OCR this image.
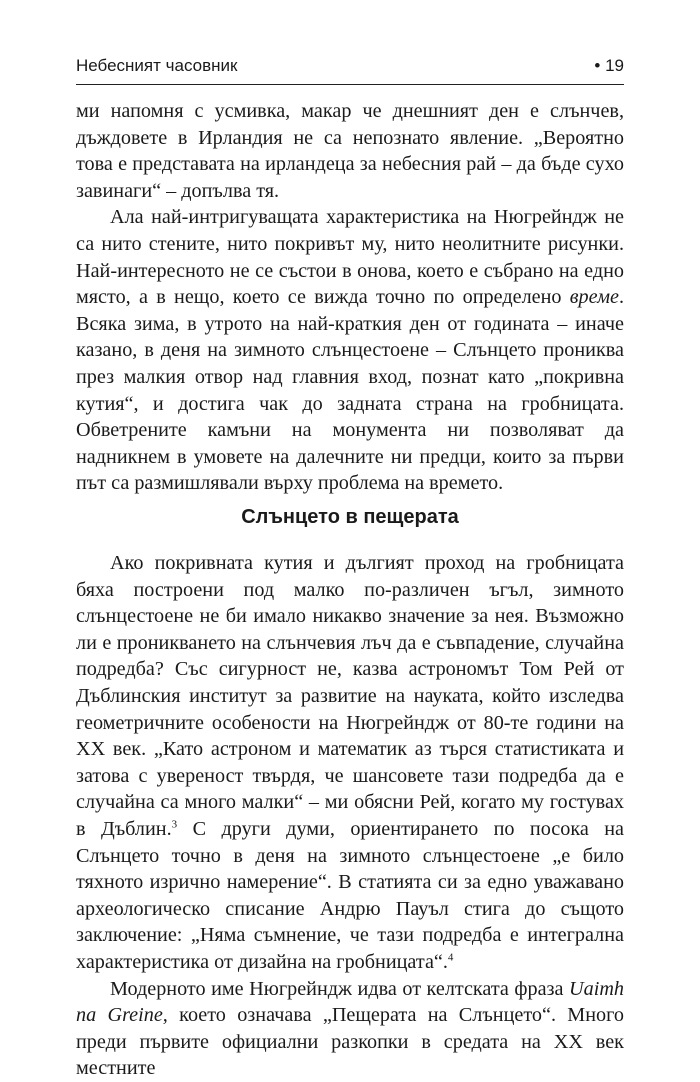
Небесният часовник	• 19

ми напомня с усмивка, макар че днешният ден е слънчев, дъждовете в Ирландия не са непознато явление. „Вероятно това е представата на ирландеца за небесния рай – да бъде сухо завинаги“ – допълва тя.

Ала най-интригуващата характеристика на Нюгрейндж не са нито стените, нито покривът му, нито неолитните рисунки. Най-интересното не се състои в онова, което е събрано на едно място, а в нещо, което се вижда точно по определено време. Всяка зима, в утрото на най-краткия ден от годината – иначе казано, в деня на зимното слънцестоене – Слънцето прониква през малкия отвор над главния вход, познат като „покривна кутия“, и достига чак до задната страна на гробницата. Обветрените камъни на монумента ни позволяват да надникнем в умовете на далечните ни предци, които за първи път са размишлявали върху проблема на времето.

Слънцето в пещерата

Ако покривната кутия и дългият проход на гробницата бяха построени под малко по-различен ъгъл, зимното слънцестоене не би имало никакво значение за нея. Възможно ли е проникването на слънчевия лъч да е съвпадение, случайна подредба? Със сигурност не, казва астрономът Том Рей от Дъблинския институт за развитие на науката, който изследва геометричните особености на Нюгрейндж от 80-те години на XX век. „Като астроном и математик аз търся статистиката и затова с увереност твърдя, че шансовете тази подредба да е случайна са много малки“ – ми обясни Рей, когато му гостувах в Дъблин.$^3$ С други думи, ориентирането по посока на Слънцето точно в деня на зимното слънцестоене „е било тяхното изрично намерение“. В статията си за едно уважавано археологическо списание Андрю Пауъл стига до същото заключение: „Няма съмнение, че тази подредба е интегрална характеристика от дизайна на гробницата“.$^4$

Модерното име Нюгрейндж идва от келтската фраза Uaimh na Greine, което означава „Пещерата на Слънцето“. Много преди първите официални разкопки в средата на XX век местните
